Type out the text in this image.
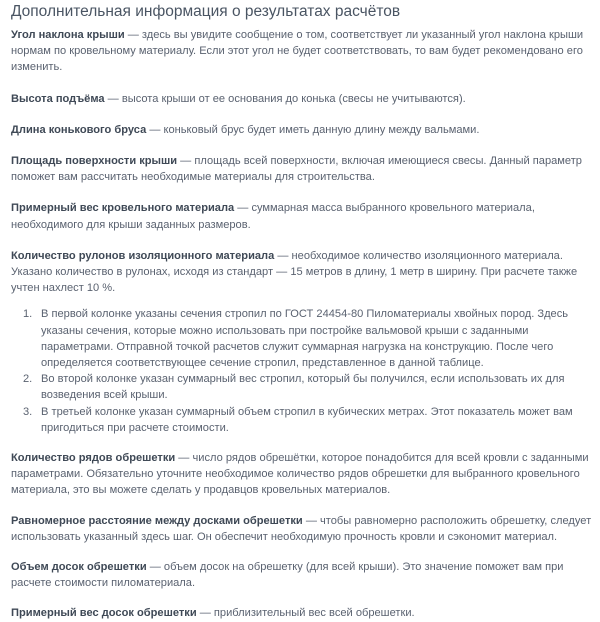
Дополнительная информация о результатах расчётов

Угол наклона крыши — здесь вы увидите сообщение о том, соответствует ли указанный угол наклона крыши нормам по кровельному материалу. Если этот угол не будет соответствовать, то вам будет рекомендовано его изменить.

Высота подъёма — высота крыши от ее основания до конька (свесы не учитываются).

Длина конькового бруса — коньковый брус будет иметь данную длину между вальмами.

Площадь поверхности крыши — площадь всей поверхности, включая имеющиеся свесы. Данный параметр поможет вам рассчитать необходимые материалы для строительства.

Примерный вес кровельного материала — суммарная масса выбранного кровельного материала, необходимого для крыши заданных размеров.

Количество рулонов изоляционного материала — необходимое количество изоляционного материала. Указано количество в рулонах, исходя из стандарт — 15 метров в длину, 1 метр в ширину. При расчете также учтен нахлест 10 %.

1. В первой колонке указаны сечения стропил по ГОСТ 24454-80 Пиломатериалы хвойных пород. Здесь указаны сечения, которые можно использовать при постройке вальмовой крыши с заданными параметрами. Отправной точкой расчетов служит суммарная нагрузка на конструкцию. После чего определяется соответствующее сечение стропил, представленное в данной таблице.
2. Во второй колонке указан суммарный вес стропил, который бы получился, если использовать их для возведения всей крыши.
3. В третьей колонке указан суммарный объем стропил в кубических метрах. Этот показатель может вам пригодиться при расчете стоимости.

Количество рядов обрешетки — число рядов обрешётки, которое понадобится для всей кровли с заданными параметрами. Обязательно уточните необходимое количество рядов обрешетки для выбранного кровельного материала, это вы можете сделать у продавцов кровельных материалов.

Равномерное расстояние между досками обрешетки — чтобы равномерно расположить обрешетку, следует использовать указанный здесь шаг. Он обеспечит необходимую прочность кровли и сэкономит материал.

Объем досок обрешетки — объем досок на обрешетку (для всей крыши). Это значение поможет вам при расчете стоимости пиломатериала.

Примерный вес досок обрешетки — приблизительный вес всей обрешетки.
